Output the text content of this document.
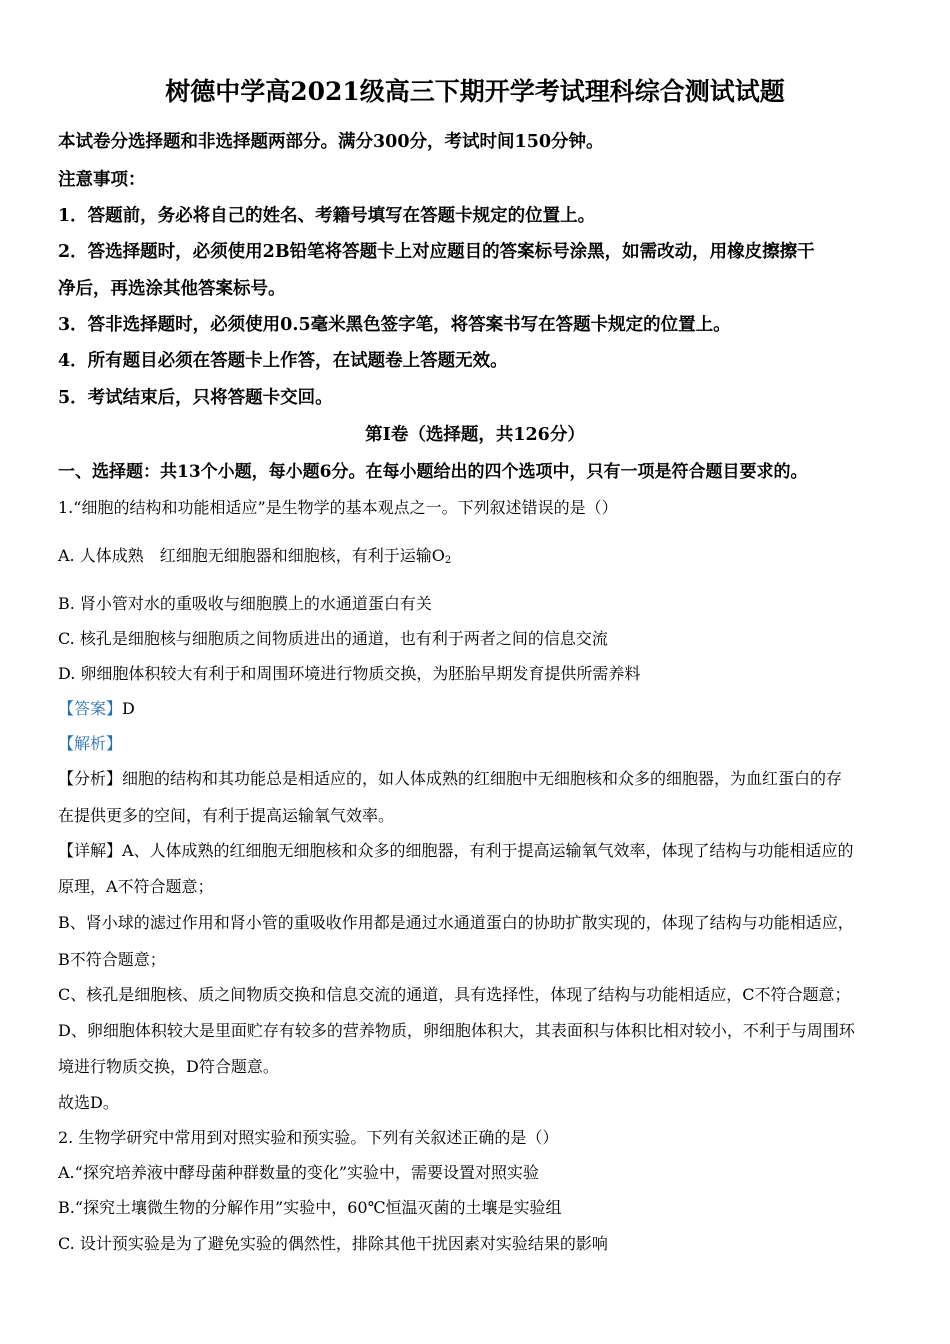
树德中学高2021级高三下期开学考试理科综合测试试题
本试卷分选择题和非选择题两部分。满分300分，考试时间150分钟。
注意事项：
1．答题前，务必将自己的姓名、考籍号填写在答题卡规定的位置上。
2．答选择题时，必须使用2B铅笔将答题卡上对应题目的答案标号涂黑，如需改动，用橡皮擦擦干
净后，再选涂其他答案标号。
3．答非选择题时，必须使用0.5毫米黑色签字笔，将答案书写在答题卡规定的位置上。
4．所有题目必须在答题卡上作答，在试题卷上答题无效。
5．考试结束后，只将答题卡交回。
第I卷（选择题，共126分）
一、选择题：共13个小题，每小题6分。在每小题给出的四个选项中，只有一项是符合题目要求的。
1.“细胞的结构和功能相适应”是生物学的基本观点之一。下列叙述错误的是（）
A. 人体成熟　红细胞无细胞器和细胞核，有利于运输$O_2$
B. 肾小管对水的重吸收与细胞膜上的水通道蛋白有关
C. 核孔是细胞核与细胞质之间物质进出的通道，也有利于两者之间的信息交流
D. 卵细胞体积较大有利于和周围环境进行物质交换，为胚胎早期发育提供所需养料
【答案】D
【解析】
【分析】细胞的结构和其功能总是相适应的，如人体成熟的红细胞中无细胞核和众多的细胞器，为血红蛋白的存
在提供更多的空间，有利于提高运输氧气效率。
【详解】A、人体成熟的红细胞无细胞核和众多的细胞器，有利于提高运输氧气效率，体现了结构与功能相适应的
原理，A不符合题意；
B、肾小球的滤过作用和肾小管的重吸收作用都是通过水通道蛋白的协助扩散实现的，体现了结构与功能相适应，
B不符合题意；
C、核孔是细胞核、质之间物质交换和信息交流的通道，具有选择性，体现了结构与功能相适应，C不符合题意；
D、卵细胞体积较大是里面贮存有较多的营养物质，卵细胞体积大，其表面积与体积比相对较小，不利于与周围环
境进行物质交换，D符合题意。
故选D。
2. 生物学研究中常用到对照实验和预实验。下列有关叙述正确的是（）
A.“探究培养液中酵母菌种群数量的变化”实验中，需要设置对照实验
B.“探究土壤微生物的分解作用”实验中，60℃恒温灭菌的土壤是实验组
C. 设计预实验是为了避免实验的偶然性，排除其他干扰因素对实验结果的影响
